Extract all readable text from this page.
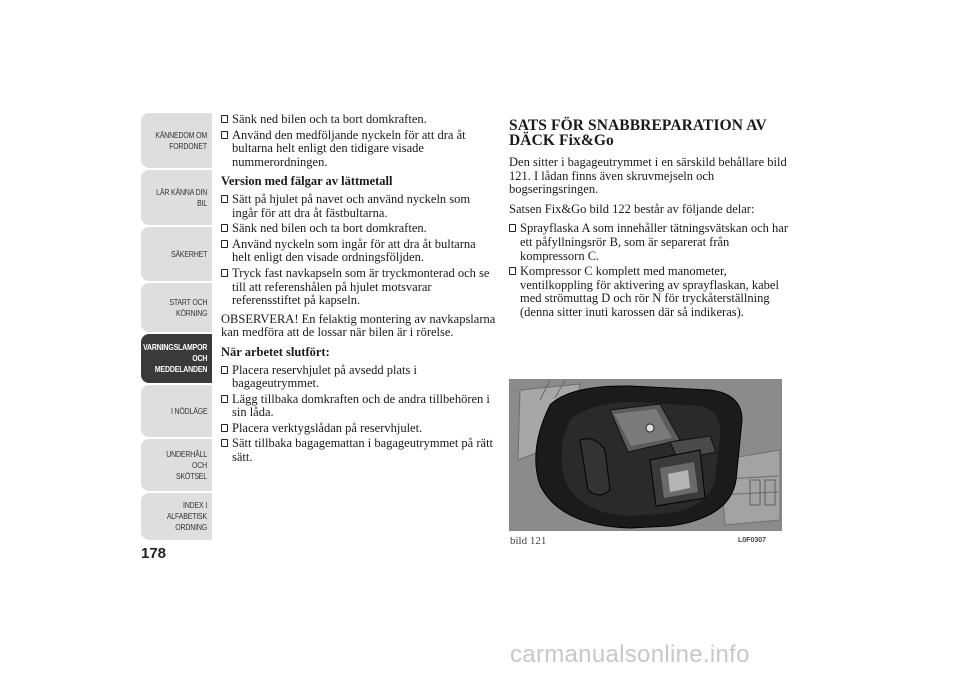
KÄNNEDOM OM
FORDONET
LÄR KÄNNA DIN
BIL
SÄKERHET
START OCH
KÖRNING
VARNINGSLAMPOR
OCH
MEDDELANDEN
I NÖDLÄGE
UNDERHÅLL OCH
SKÖTSEL
INDEX I
ALFABETISK
ORDNING
178
Sänk ned bilen och ta bort domkraften.
Använd den medföljande nyckeln för att dra åt bultarna helt enligt den tidigare visade nummerordningen.
Version med fälgar av lättmetall
Sätt på hjulet på navet och använd nyckeln som ingår för att dra åt fästbultarna.
Sänk ned bilen och ta bort domkraften.
Använd nyckeln som ingår för att dra åt bultarna helt enligt den visade ordningsföljden.
Tryck fast navkapseln som är tryckmonterad och se till att referenshålen på hjulet motsvarar referensstiftet på kapseln.
OBSERVERA! En felaktig montering av navkapslarna kan medföra att de lossar när bilen är i rörelse.
När arbetet slutfört:
Placera reservhjulet på avsedd plats i bagageutrymmet.
Lägg tillbaka domkraften och de andra tillbehören i sin låda.
Placera verktygslådan på reservhjulet.
Sätt tillbaka bagagemattan i bagageutrymmet på rätt sätt.
SATS FÖR SNABBREPARATION AV DÄCK Fix&Go
Den sitter i bagageutrymmet i en särskild behållare bild 121. I lådan finns även skruvmejseln och bogseringsringen.
Satsen Fix&Go bild 122 består av följande delar:
Sprayflaska A som innehåller tätningsvätskan och har ett påfyllningsrör B, som är separerat från kompressorn C.
Kompressor C komplett med manometer, ventilkoppling för aktivering av sprayflaskan, kabel med strömuttag D och rör N för tryckåterställning (denna sitter inuti karossen där så indikeras).
bild 121	L0F0307
carmanualsonline.info
